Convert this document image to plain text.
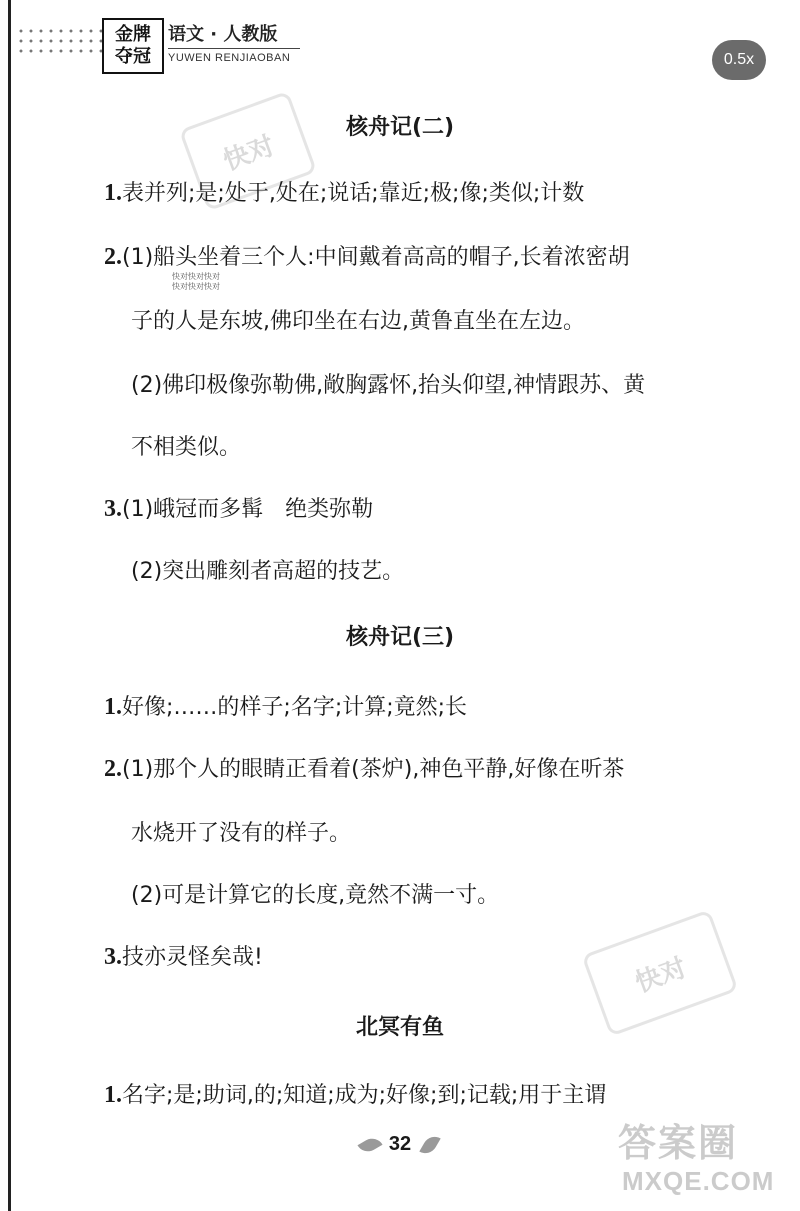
金牌
夺冠
语文 · 人教版
YUWEN RENJIAOBAN	0.5x
快对
快对
快对快对快对
快对快对快对
核舟记(二)
1.表并列;是;处于,处在;说话;靠近;极;像;类似;计数
2.(1)船头坐着三个人:中间戴着高高的帽子,长着浓密胡
子的人是东坡,佛印坐在右边,黄鲁直坐在左边。
(2)佛印极像弥勒佛,敞胸露怀,抬头仰望,神情跟苏、黄
不相类似。
3.(1)峨冠而多髯　绝类弥勒
(2)突出雕刻者高超的技艺。
核舟记(三)
1.好像;……的样子;名字;计算;竟然;长
2.(1)那个人的眼睛正看着(茶炉),神色平静,好像在听茶
水烧开了没有的样子。
(2)可是计算它的长度,竟然不满一寸。
3.技亦灵怪矣哉!
北冥有鱼
1.名字;是;助词,的;知道;成为;好像;到;记载;用于主谓
32	答案圈
MXQE.COM
